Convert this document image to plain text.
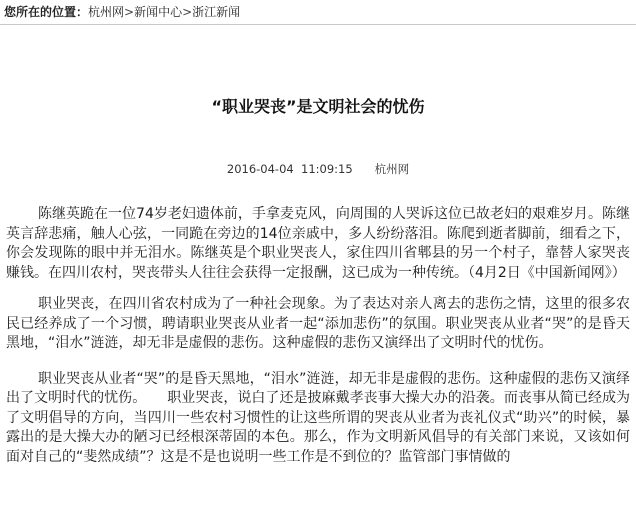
您所在的位置：杭州网>新闻中心>浙江新闻
“职业哭丧”是文明社会的忧伤
2016-04-04  11:09:15 杭州网

陈继英跪在一位74岁老妇遗体前，手拿麦克风，向周围的人哭诉这位已故老妇的艰难岁月。陈继英言辞悲痛，触人心弦，一同跪在旁边的14位亲戚中，多人纷纷落泪。陈爬到逝者脚前，细看之下，你会发现陈的眼中并无泪水。陈继英是个职业哭丧人，家住四川省郫县的另一个村子，靠替人家哭丧赚钱。在四川农村，哭丧带头人往往会获得一定报酬，这已成为一种传统。（4月2日《中国新闻网》）

职业哭丧，在四川省农村成为了一种社会现象。为了表达对亲人离去的悲伤之情，这里的很多农民已经养成了一个习惯，聘请职业哭丧从业者一起“添加悲伤”的氛围。职业哭丧从业者“哭”的是昏天黑地，“泪水”涟涟，却无非是虚假的悲伤。这种虚假的悲伤又演绎出了文明时代的忧伤。

职业哭丧从业者“哭”的是昏天黑地，“泪水”涟涟，却无非是虚假的悲伤。这种虚假的悲伤又演绎出了文明时代的忧伤。　　职业哭丧，说白了还是披麻戴孝丧事大操大办的沿袭。而丧事从简已经成为了文明倡导的方向，当四川一些农村习惯性的让这些所谓的哭丧从业者为丧礼仪式“助兴”的时候，暴露出的是大操大办的陋习已经根深蒂固的本色。那么，作为文明新风倡导的有关部门来说，又该如何面对自己的“斐然成绩”？这是不是也说明一些工作是不到位的？监管部门事情做的
